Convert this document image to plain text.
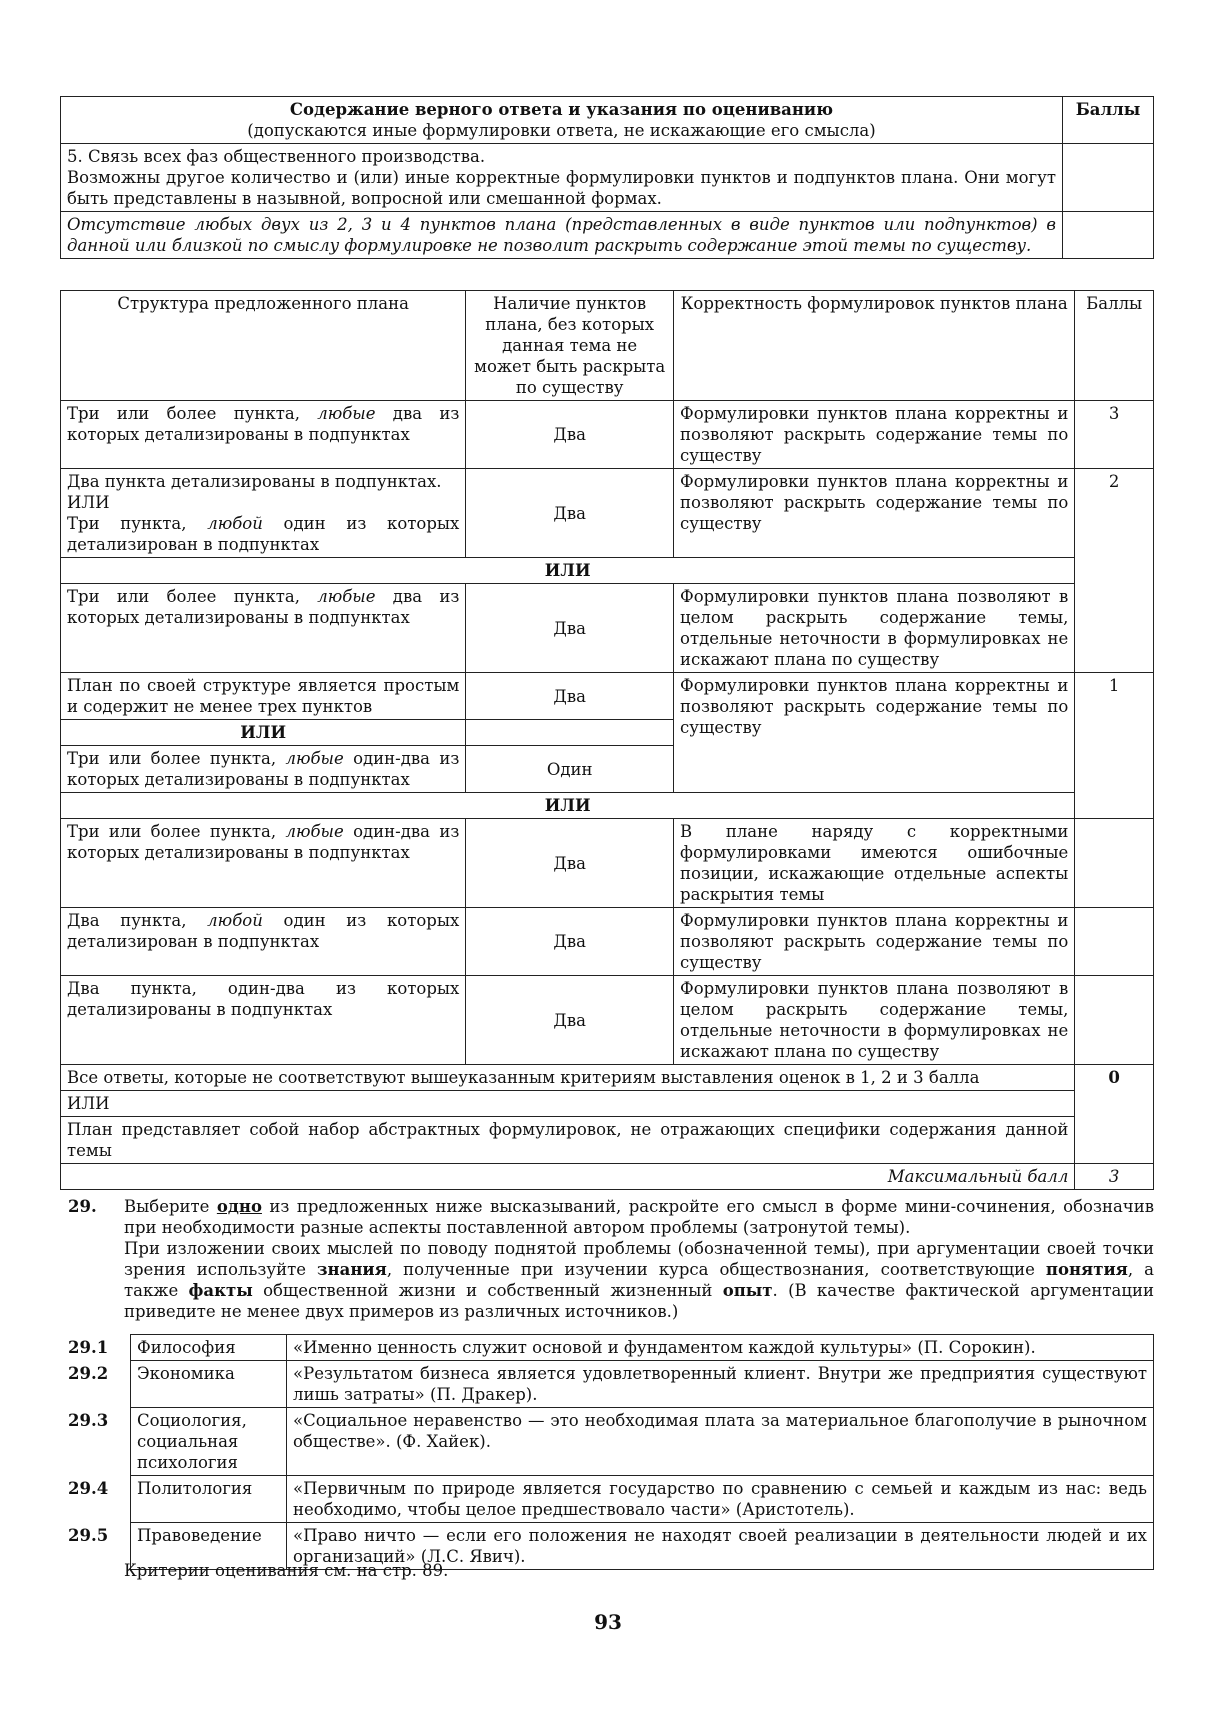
Содержание верного ответа и указания по оцениванию
(допускаются иные формулировки ответа, не искажающие его смысла)	Баллы

5. Связь всех фаз общественного производства.
Возможны другое количество и (или) иные корректные формулировки пунктов и подпунктов плана. Они могут быть представлены в назывной, вопросной или смешанной формах.	

Отсутствие любых двух из 2, 3 и 4 пунктов плана (представленных в виде пунктов или подпунктов) в данной или близкой по смыслу формулировке не позволит раскрыть содержание этой темы по существу.	
Структура предложенного плана	Наличие пунктов плана, без которых данная тема не может быть раскрыта по существу	Корректность формулировок пунктов плана	Баллы
Три или более пункта, любые два из которых детализированы в подпунктах	Два	Формулировки пунктов плана корректны и позволяют раскрыть содержание темы по существу	3

Два пункта детализированы в подпунктах.
ИЛИ
Три пункта, любой один из которых детализирован в подпунктах	Два	Формулировки пунктов плана корректны и позволяют раскрыть содержание темы по существу	2
ИЛИ			
Три или более пункта, любые два из которых детализированы в подпунктах	Два	Формулировки пунктов плана позволяют в целом раскрыть содержание темы, отдельные неточности в формулировках не искажают плана по существу	
План по своей структуре является простым и содержит не менее трех пунктов	Два	Формулировки пунктов плана корректны и позволяют раскрыть содержание темы по существу	1
ИЛИ			
Три или более пункта, любые один-два из которых детализированы в подпунктах	Один		
ИЛИ			
Три или более пункта, любые один-два из которых детализированы в подпунктах	Два	В плане наряду с корректными формулировками имеются ошибочные позиции, искажающие отдельные аспекты раскрытия темы	
Два пункта, любой один из которых детализирован в подпунктах	Два	Формулировки пунктов плана корректны и позволяют раскрыть содержание темы по существу	
Два пункта, один-два из которых детализированы в подпунктах	Два	Формулировки пунктов плана позволяют в целом раскрыть содержание темы, отдельные неточности в формулировках не искажают плана по существу	
Все ответы, которые не соответствуют вышеуказанным критериям выставления оценок в 1, 2 и 3 балла			0
ИЛИ			
План представляет собой набор абстрактных формулировок, не отражающих специфики содержания данной темы			
Максимальный балл			3
29. Выберите одно из предложенных ниже высказываний, раскройте его смысл в форме мини-сочинения, обозначив при необходимости разные аспекты поставленной автором проблемы (затронутой темы).
При изложении своих мыслей по поводу поднятой проблемы (обозначенной темы), при аргументации своей точки зрения используйте знания, полученные при изучении курса обществознания, соответствующие понятия, а также факты общественной жизни и собственный жизненный опыт. (В качестве фактической аргументации приведите не менее двух примеров из различных источников.)
29.1	Философия	«Именно ценность служит основой и фундаментом каждой культуры» (П. Сорокин).
29.2	Экономика	«Результатом бизнеса является удовлетворенный клиент. Внутри же предприятия существуют лишь затраты» (П. Дракер).
29.3	Социология, социальная психология	«Социальное неравенство — это необходимая плата за материальное благополучие в рыночном обществе». (Ф. Хайек).
29.4	Политология	«Первичным по природе является государство по сравнению с семьей и каждым из нас: ведь необходимо, чтобы целое предшествовало части» (Аристотель).
29.5	Правоведение	«Право ничто — если его положения не находят своей реализации в деятельности людей и их организаций» (Л.С. Явич).
Критерии оценивания см. на стр. 89.
93
